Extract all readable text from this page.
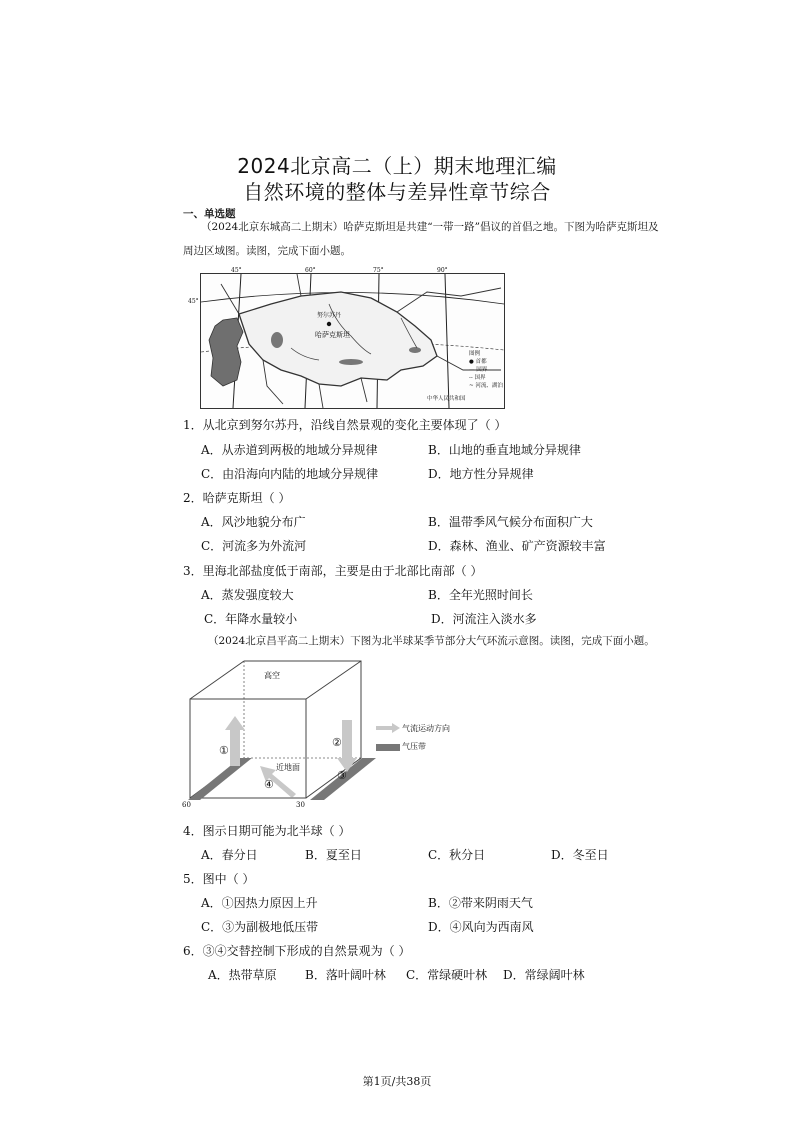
2024北京高二（上）期末地理汇编
自然环境的整体与差异性章节综合
一、单选题
（2024北京东城高二上期末）哈萨克斯坦是共建“一带一路”倡议的首倡之地。下图为哈萨克斯坦及
周边区域图。读图，完成下面小题。
努尔苏丹
哈萨克斯坦
中华人民共和国
图例
● 首都
— 国界
-- 国界
~ 河流、湖泊
45°	60°	75°	90°
45°
1．从北京到努尔苏丹，沿线自然景观的变化主要体现了（ ）
A．从赤道到两极的地域分异规律	B．山地的垂直地域分异规律
C．由沿海向内陆的地域分异规律	D．地方性分异规律
2．哈萨克斯坦（ ）
A．风沙地貌分布广	B．温带季风气候分布面积广大
C．河流多为外流河	D．森林、渔业、矿产资源较丰富
3．里海北部盐度低于南部，主要是由于北部比南部（ ）
A．蒸发强度较大	B．全年光照时间长
C．年降水量较小	D．河流注入淡水多
（2024北京昌平高二上期末）下图为北半球某季节部分大气环流示意图。读图，完成下面小题。
高空
近地面
①
②
③
④
60	30
气流运动方向
气压带
4．图示日期可能为北半球（ ）
A．春分日	B．夏至日	C．秋分日	D．冬至日
5．图中（ ）
A．①因热力原因上升	B．②带来阴雨天气
C．③为副极地低压带	D．④风向为西南风
6．③④交替控制下形成的自然景观为（ ）
A．热带草原 B．落叶阔叶林 C．常绿硬叶林 D．常绿阔叶林
第1页/共38页
